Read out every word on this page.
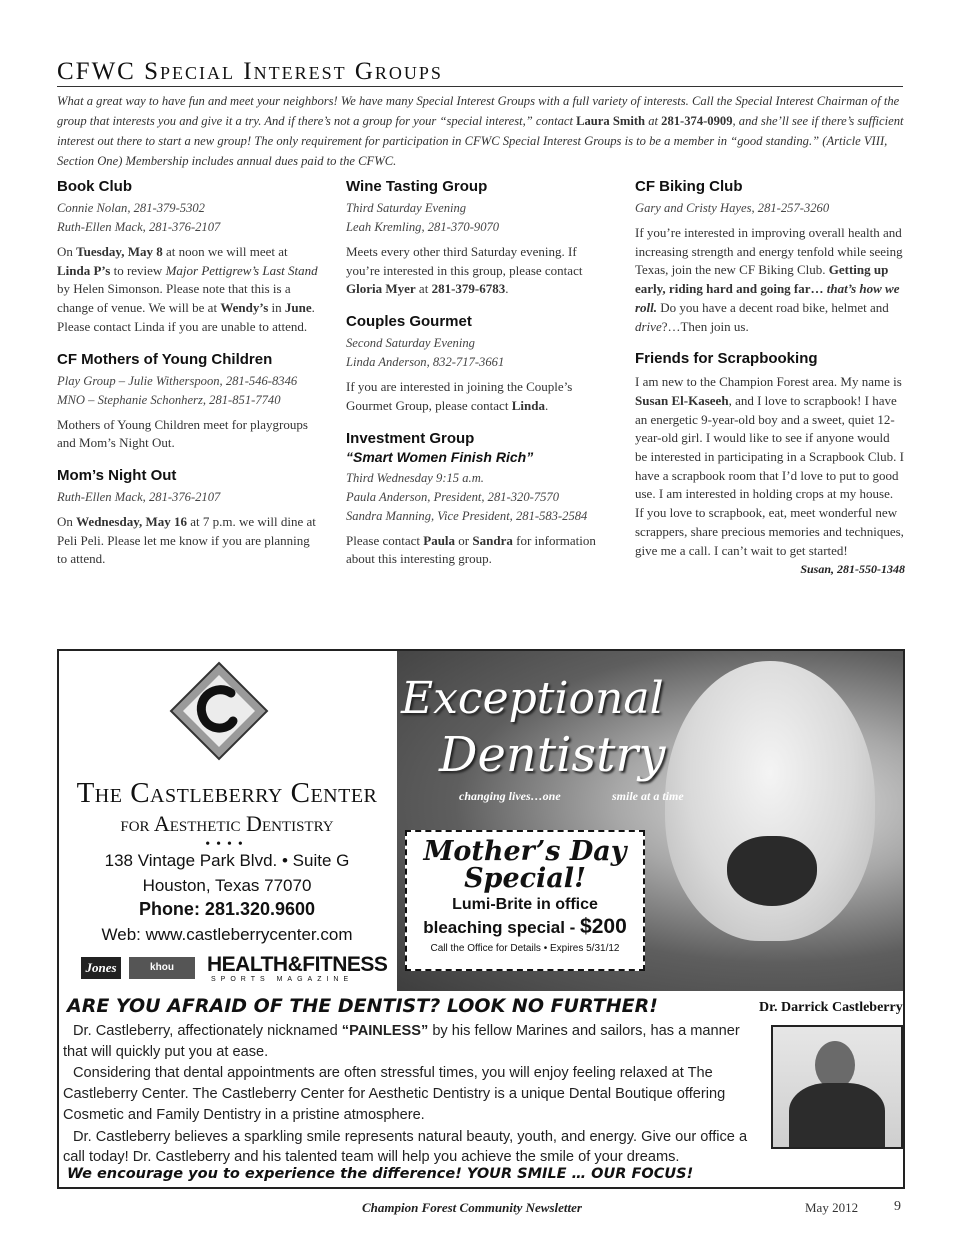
CFWC Special Interest Groups
What a great way to have fun and meet your neighbors! We have many Special Interest Groups with a full variety of interests. Call the Special Interest Chairman of the group that interests you and give it a try. And if there’s not a group for your “special interest,” contact Laura Smith at 281-374-0909, and she’ll see if there’s sufficient interest out there to start a new group! The only requirement for participation in CFWC Special Interest Groups is to be a member in “good standing.” (Article VIII, Section One) Membership includes annual dues paid to the CFWC.
Book Club
Connie Nolan, 281-379-5302
Ruth-Ellen Mack, 281-376-2107

On Tuesday, May 8 at noon we will meet at Linda P’s to review Major Pettigrew’s Last Stand by Helen Simonson. Please note that this is a change of venue. We will be at Wendy’s in June. Please contact Linda if you are unable to attend.

CF Mothers of Young Children
Play Group – Julie Witherspoon, 281-546-8346
MNO – Stephanie Schonherz, 281-851-7740

Mothers of Young Children meet for playgroups and Mom’s Night Out.

Mom’s Night Out
Ruth-Ellen Mack, 281-376-2107

On Wednesday, May 16 at 7 p.m. we will dine at Peli Peli. Please let me know if you are planning to attend.

Wine Tasting Group
Third Saturday Evening
Leah Kremling, 281-370-9070

Meets every other third Saturday evening. If you’re interested in this group, please contact Gloria Myer at 281-379-6783.

Couples Gourmet
Second Saturday Evening
Linda Anderson, 832-717-3661

If you are interested in joining the Couple’s Gourmet Group, please contact Linda.

Investment Group
“Smart Women Finish Rich”
Third Wednesday 9:15 a.m.
Paula Anderson, President, 281-320-7570
Sandra Manning, Vice President, 281-583-2584

Please contact Paula or Sandra for information about this interesting group.

CF Biking Club
Gary and Cristy Hayes, 281-257-3260

If you’re interested in improving overall health and increasing strength and energy tenfold while seeing Texas, join the new CF Biking Club. Getting up early, riding hard and going far… that’s how we roll. Do you have a decent road bike, helmet and drive?…Then join us.

Friends for Scrapbooking

I am new to the Champion Forest area. My name is Susan El-Kaseeh, and I love to scrapbook! I have an energetic 9-year-old boy and a sweet, quiet 12-year-old girl. I would like to see if anyone would be interested in participating in a Scrapbook Club. I have a scrapbook room that I’d love to put to good use. I am interested in holding crops at my house. If you love to scrapbook, eat, meet wonderful new scrappers, share precious memories and techniques, give me a call. I can’t wait to get started!

Susan, 281-550-1348
The Castleberry Center
for Aesthetic Dentistry
••••
138 Vintage Park Blvd. • Suite G
Houston, Texas 77070
Phone: 281.320.9600
Web: www.castleberrycenter.com
Jones	khou 11NEWS
HEALTH&FITNESS
SPORTS MAGAZINE
Exceptional
Dentistry
changing lives…one	smile at a time
Mother’s Day
Special!
Lumi-Brite in office
bleaching special - $200
Call the Office for Details • Expires 5/31/12
ARE YOU AFRAID OF THE DENTIST? LOOK NO FURTHER!	Dr. Darrick Castleberry

Dr. Castleberry, affectionately nicknamed “PAINLESS” by his fellow Marines and sailors, has a manner that will quickly put you at ease.

Considering that dental appointments are often stressful times, you will enjoy feeling relaxed at The Castleberry Center. The Castleberry Center for Aesthetic Dentistry is a unique Dental Boutique offering Cosmetic and Family Dentistry in a pristine atmosphere.

Dr. Castleberry believes a sparkling smile represents natural beauty, youth, and energy. Give our office a call today! Dr. Castleberry and his talented team will help you achieve the smile of your dreams.

We encourage you to experience the difference! YOUR SMILE … OUR FOCUS!
Champion Forest Community Newsletter	May 2012	9
